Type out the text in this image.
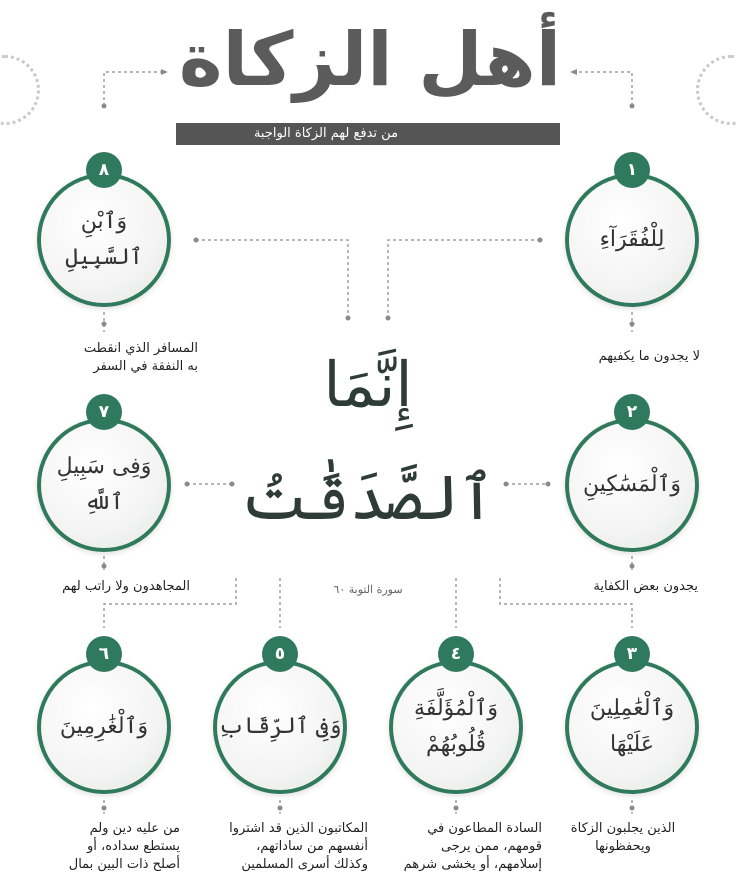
أهل الزكاة
من تدفع لهم الزكاة الواجبة
إِنَّمَا
ٱلصَّدَقَٰتُ
سورة التوبة ٦٠
لِلْفُقَرَآءِ
١
لا يجدون ما يكفيهم
وَٱلْمَسَٰكِينِ
٢
يجدون بعض الكفاية
وَٱلْعَٰمِلِينَ
عَلَيْهَا
٣
الذين يجلبون الزكاة
ويحفظونها
وَٱلْمُؤَلَّفَةِ
قُلُوبُهُمْ
٤
السادة المطاعون في
قومهم، ممن يرجى
إسلامهم، أو يخشى شرهم
وَفِى ٱلرِّقَابِ
٥
المكاتبون الذين قد اشتروا
أنفسهم من ساداتهم،
وكذلك أسرى المسلمين
وَٱلْغَٰرِمِينَ
٦
من عليه دين ولم
يستطع سداده، أو
أصلح ذات البين بمال
وَفِى سَبِيلِ
ٱللَّهِ
٧
المجاهدون ولا راتب لهم
وَٱبْنِ
ٱلسَّبِيلِ
٨
المسافر الذي انقطت
به النفقة في السفر
